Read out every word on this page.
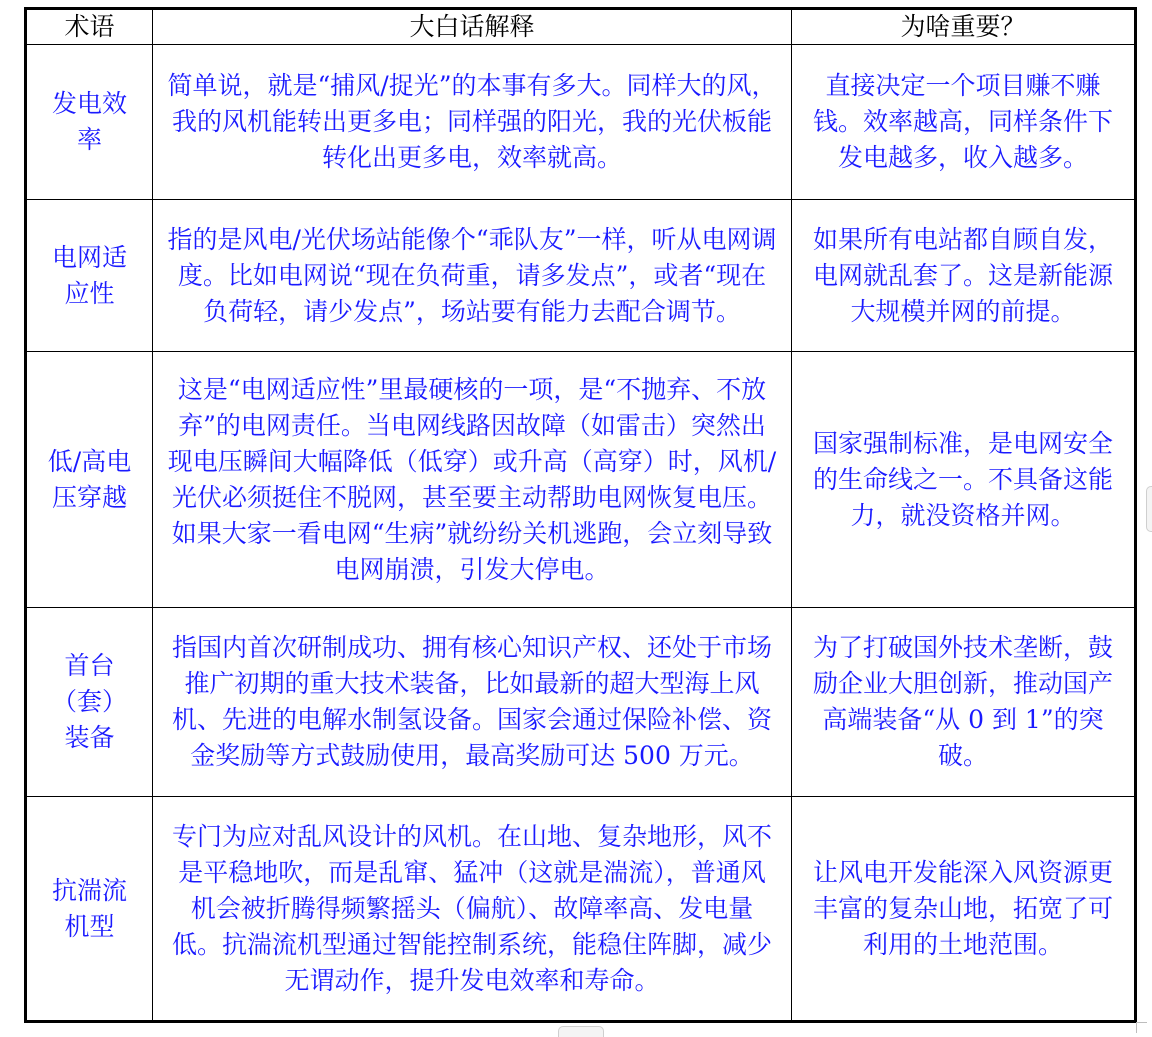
术语	大白话解释	为啥重要？
发电效率	简单说，就是“捕风/捉光”的本事有多大。同样大的风，我的风机能转出更多电；同样强的阳光，我的光伏板能转化出更多电，效率就高。	直接决定一个项目赚不赚钱。效率越高，同样条件下发电越多，收入越多。
电网适应性	指的是风电/光伏场站能像个“乖队友”一样，听从电网调度。比如电网说“现在负荷重，请多发点”，或者“现在负荷轻，请少发点”，场站要有能力去配合调节。	如果所有电站都自顾自发，电网就乱套了。这是新能源大规模并网的前提。
低/高电压穿越	这是“电网适应性”里最硬核的一项，是“不抛弃、不放弃”的电网责任。当电网线路因故障（如雷击）突然出现电压瞬间大幅降低（低穿）或升高（高穿）时，风机/光伏必须挺住不脱网，甚至要主动帮助电网恢复电压。如果大家一看电网“生病”就纷纷关机逃跑，会立刻导致电网崩溃，引发大停电。	国家强制标准，是电网安全的生命线之一。不具备这能力，就没资格并网。
首台（套）装备	指国内首次研制成功、拥有核心知识产权、还处于市场推广初期的重大技术装备，比如最新的超大型海上风机、先进的电解水制氢设备。国家会通过保险补偿、资金奖励等方式鼓励使用，最高奖励可达 500 万元。	为了打破国外技术垄断，鼓励企业大胆创新，推动国产高端装备“从 0 到 1”的突破。
抗湍流机型	专门为应对乱风设计的风机。在山地、复杂地形，风不是平稳地吹，而是乱窜、猛冲（这就是湍流），普通风机会被折腾得频繁摇头（偏航）、故障率高、发电量低。抗湍流机型通过智能控制系统，能稳住阵脚，减少无谓动作，提升发电效率和寿命。	让风电开发能深入风资源更丰富的复杂山地，拓宽了可利用的土地范围。
